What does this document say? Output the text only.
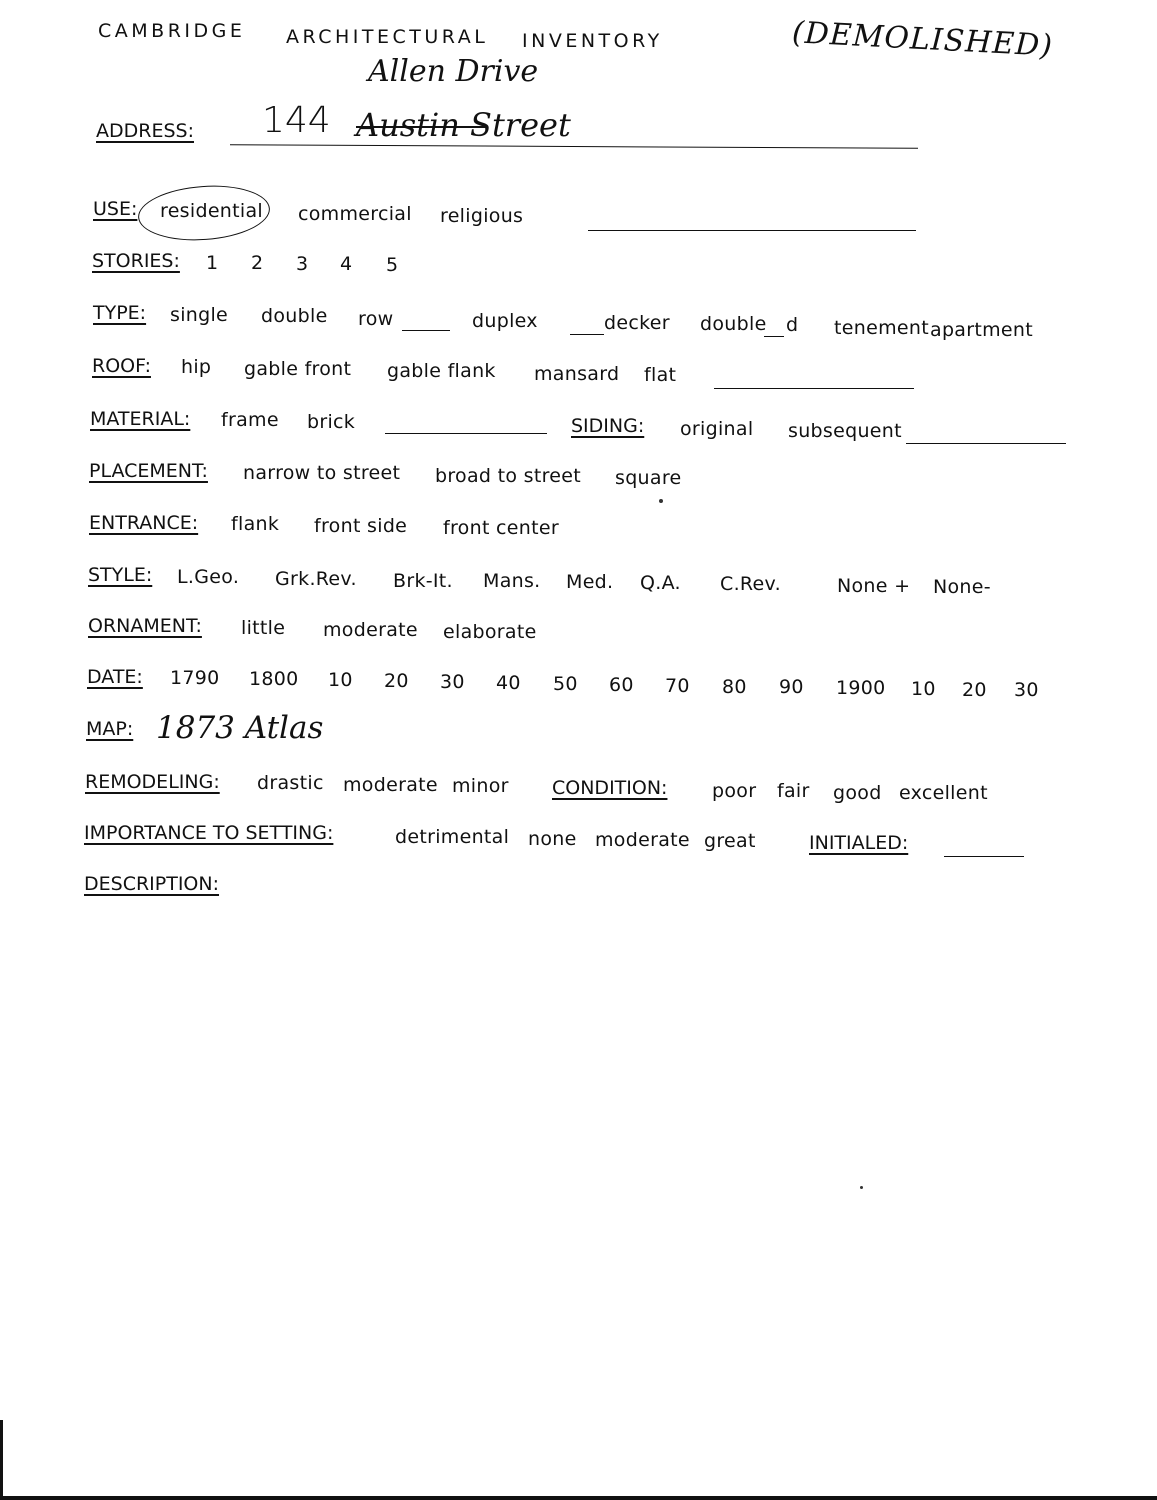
CAMBRIDGE ARCHITECTURAL INVENTORY	(DEMOLISHED)
Allen Drive
ADDRESS: 144 Austin Street
USE: residential commercial religious
STORIES: 1 2 3 4 5
TYPE: single double row	duplex	decker double d tenement apartment
ROOF: hip gable front gable flank mansard flat
MATERIAL: frame brick	SIDING: original subsequent
PLACEMENT: narrow to street broad to street square
ENTRANCE: flank front side front center
STYLE: L.Geo. Grk.Rev. Brk-It. Mans. Med. Q.A. C.Rev.	None + None-
ORNAMENT: little moderate elaborate
DATE: 1790 1800 10 20 30 40 50 60 70 80 90 1900 10 20 30
MAP: 1873 Atlas
REMODELING: drastic moderate minor CONDITION: poor fair good excellent
IMPORTANCE TO SETTING:	detrimental none moderate great	INITIALED:
DESCRIPTION:
